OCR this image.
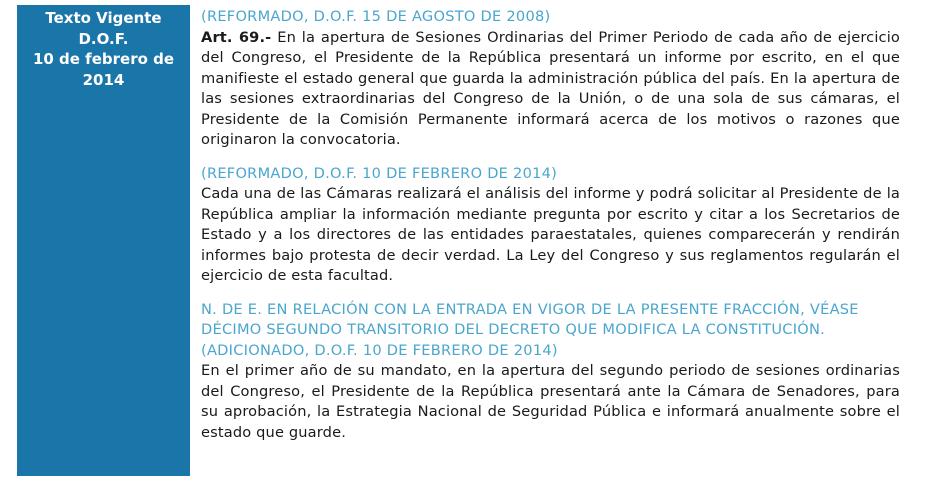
Texto Vigente
D.O.F.
10 de febrero de
2014
(REFORMADO, D.O.F. 15 DE AGOSTO DE 2008)
Art. 69.- En la apertura de Sesiones Ordinarias del Primer Periodo de cada año de ejercicio del Congreso, el Presidente de la República presentará un informe por escrito, en el que manifieste el estado general que guarda la administración pública del país. En la apertura de las sesiones extraordinarias del Congreso de la Unión, o de una sola de sus cámaras, el Presidente de la Comisión Permanente informará acerca de los motivos o razones que originaron la convocatoria.
(REFORMADO, D.O.F. 10 DE FEBRERO DE 2014)
Cada una de las Cámaras realizará el análisis del informe y podrá solicitar al Presidente de la República ampliar la información mediante pregunta por escrito y citar a los Secretarios de Estado y a los directores de las entidades paraestatales, quienes comparecerán y rendirán informes bajo protesta de decir verdad. La Ley del Congreso y sus reglamentos regularán el ejercicio de esta facultad.
N. DE E. EN RELACIÓN CON LA ENTRADA EN VIGOR DE LA PRESENTE FRACCIÓN, VÉASE DÉCIMO SEGUNDO TRANSITORIO DEL DECRETO QUE MODIFICA LA CONSTITUCIÓN.
(ADICIONADO, D.O.F. 10 DE FEBRERO DE 2014)
En el primer año de su mandato, en la apertura del segundo periodo de sesiones ordinarias del Congreso, el Presidente de la República presentará ante la Cámara de Senadores, para su aprobación, la Estrategia Nacional de Seguridad Pública e informará anualmente sobre el estado que guarde.
